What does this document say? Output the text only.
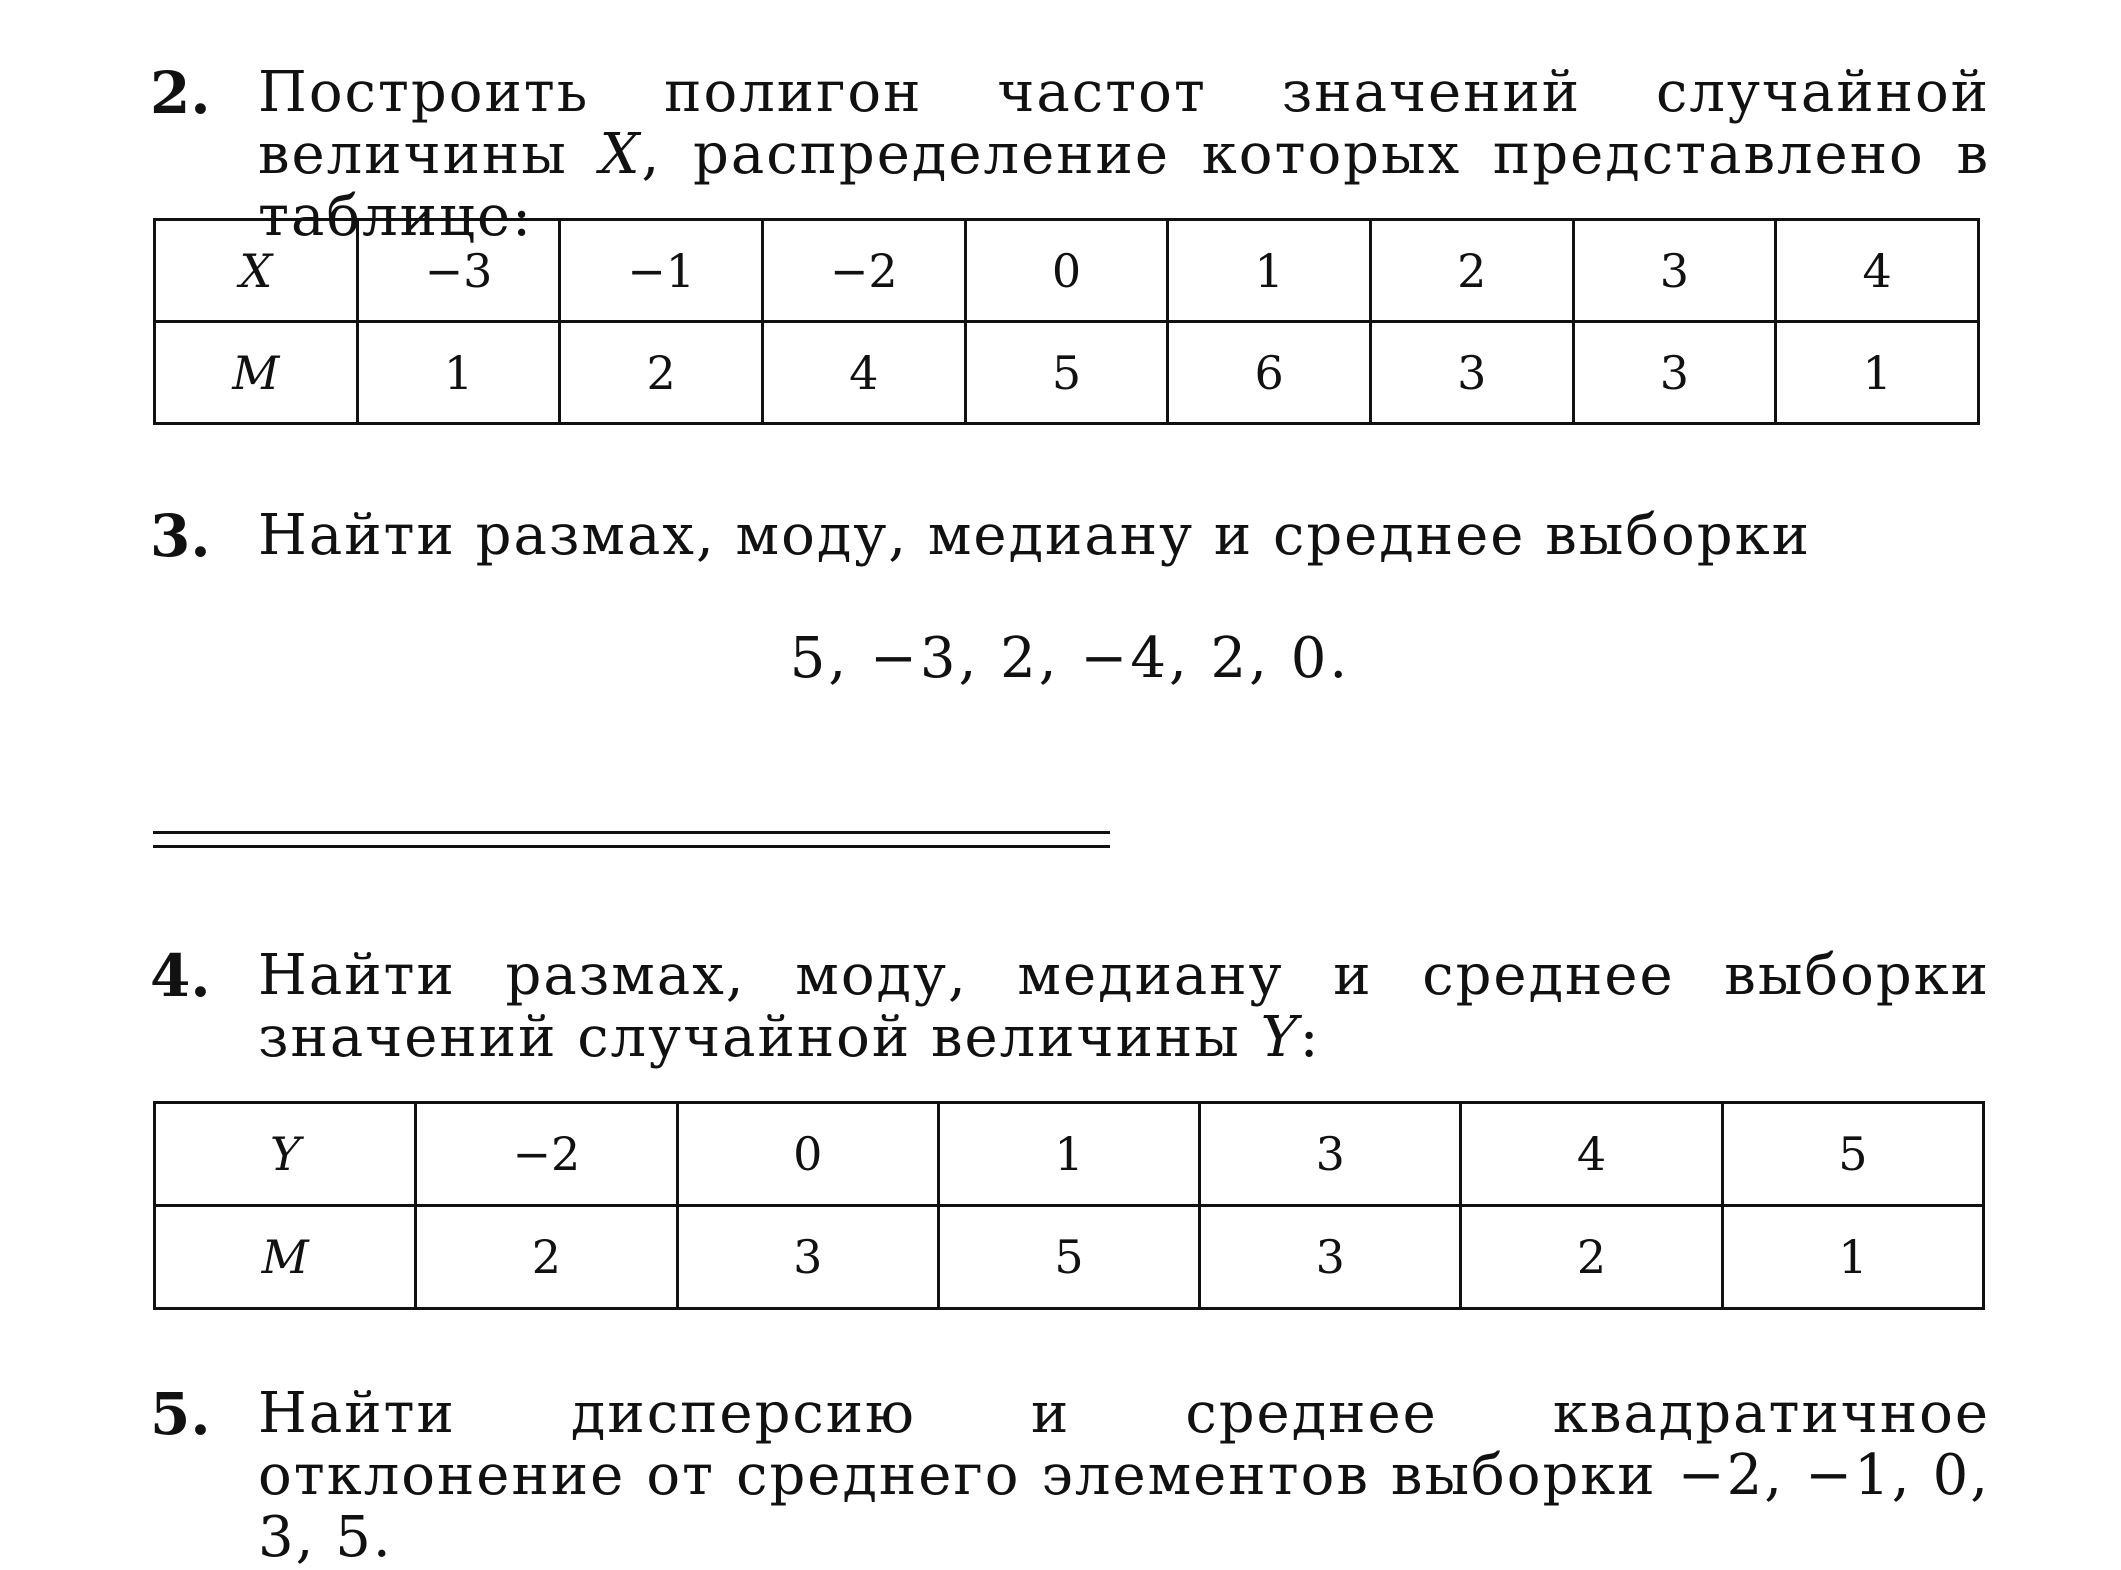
2. Построить полигон частот значений случайной величины X, распределение которых представлено в таблице:
X	−3	−1	−2	0	1	2	3	4
M	1	2	4	5	6	3	3	1
3. Найти размах, моду, медиану и среднее выборки
5, −3, 2, −4, 2, 0.
4. Найти размах, моду, медиану и среднее выборки значений случайной величины Y:
Y	−2	0	1	3	4	5
M	2	3	5	3	2	1
5. Найти дисперсию и среднее квадратичное отклонение от среднего элементов выборки −2, −1, 0, 3, 5.
